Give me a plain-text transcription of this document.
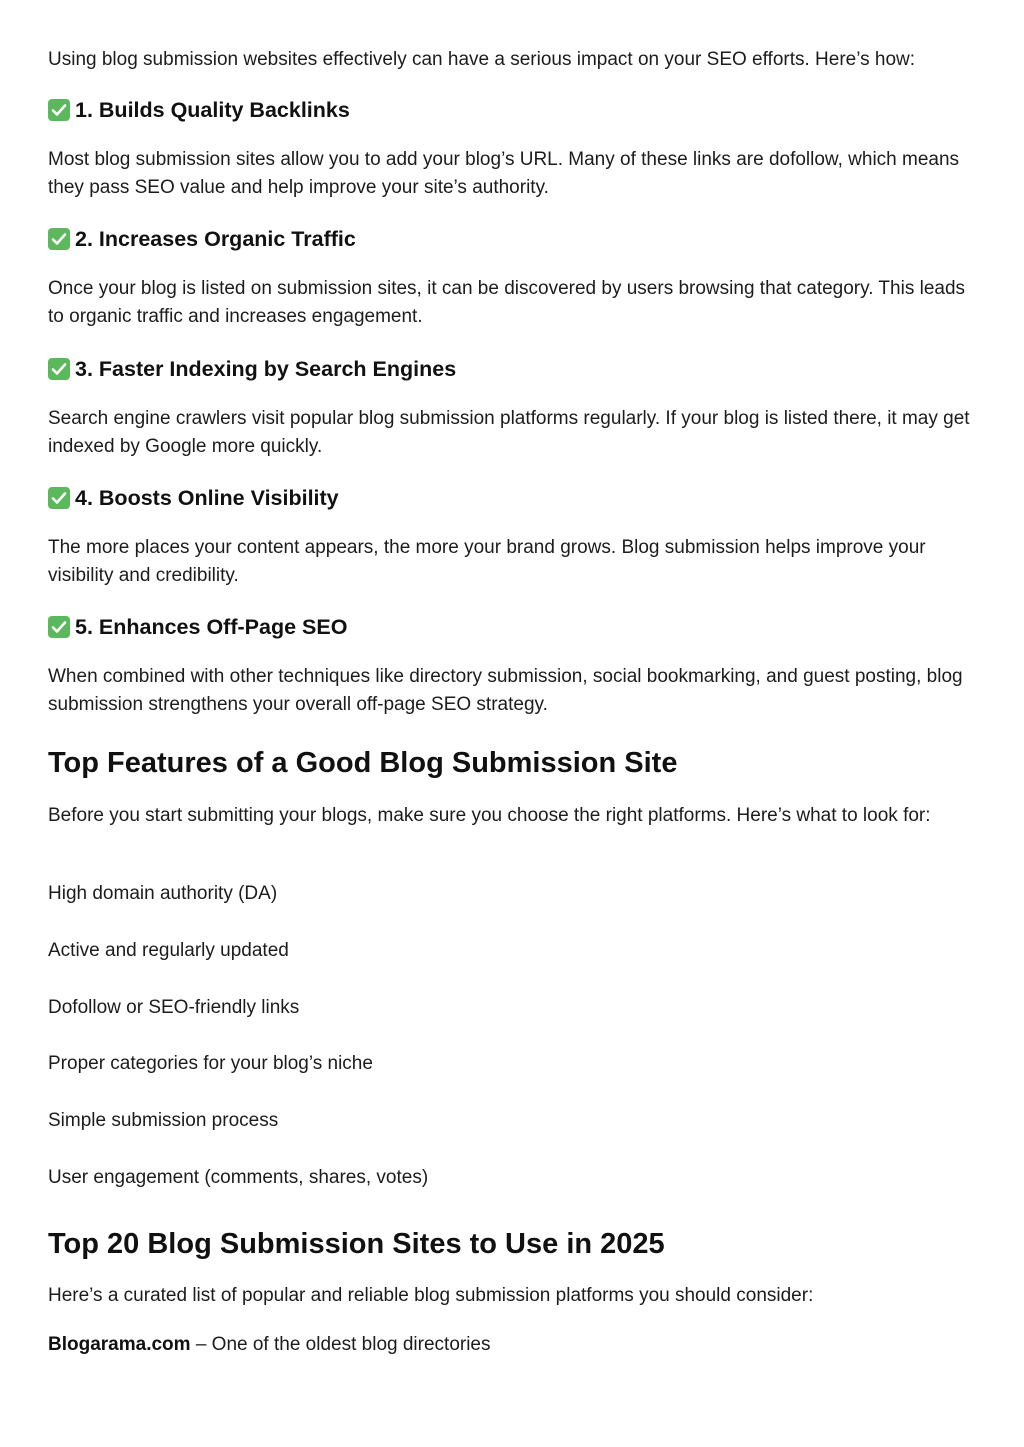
Using blog submission websites effectively can have a serious impact on your SEO efforts. Here’s how:

1. Builds Quality Backlinks

Most blog submission sites allow you to add your blog’s URL. Many of these links are dofollow, which means they pass SEO value and help improve your site’s authority.

2. Increases Organic Traffic

Once your blog is listed on submission sites, it can be discovered by users browsing that category. This leads to organic traffic and increases engagement.

3. Faster Indexing by Search Engines

Search engine crawlers visit popular blog submission platforms regularly. If your blog is listed there, it may get indexed by Google more quickly.

4. Boosts Online Visibility

The more places your content appears, the more your brand grows. Blog submission helps improve your visibility and credibility.

5. Enhances Off-Page SEO

When combined with other techniques like directory submission, social bookmarking, and guest posting, blog submission strengthens your overall off-page SEO strategy.

Top Features of a Good Blog Submission Site

Before you start submitting your blogs, make sure you choose the right platforms. Here’s what to look for:

High domain authority (DA)

Active and regularly updated

Dofollow or SEO-friendly links

Proper categories for your blog’s niche

Simple submission process

User engagement (comments, shares, votes)

Top 20 Blog Submission Sites to Use in 2025

Here’s a curated list of popular and reliable blog submission platforms you should consider:

Blogarama.com – One of the oldest blog directories
